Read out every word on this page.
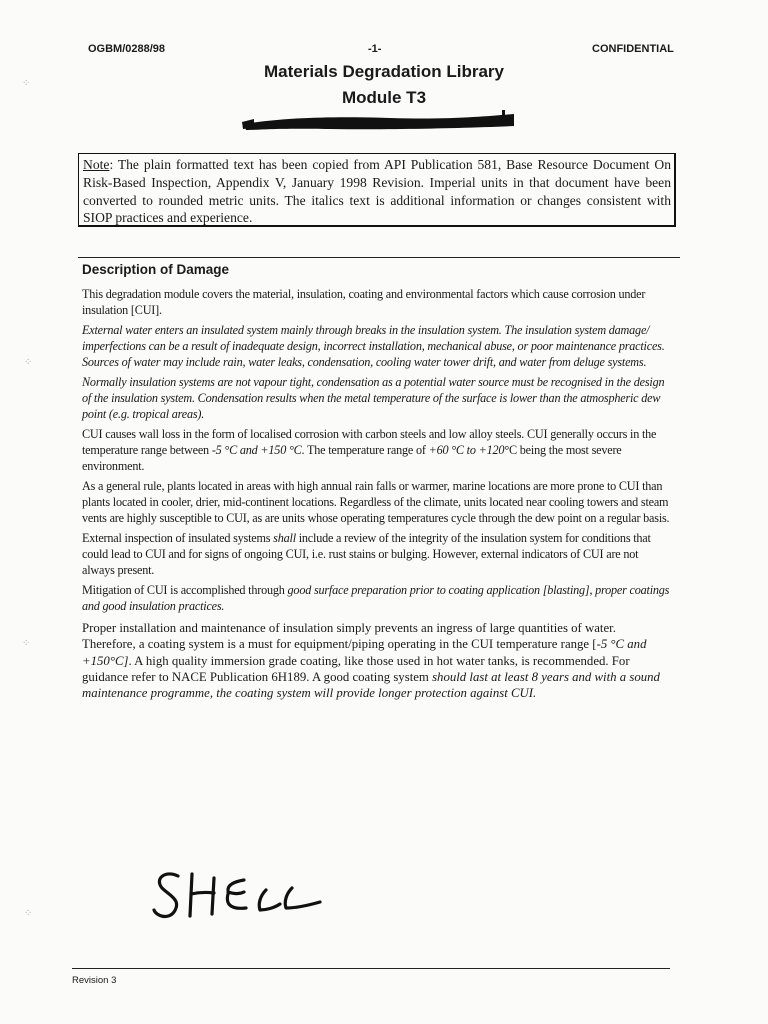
⁘
⁘
⁘
⁘
OGBM/0288/98	-1-	CONFIDENTIAL
Materials Degradation Library
Module T3
Note: The plain formatted text has been copied from API Publication 581, Base Resource Document On Risk-Based Inspection, Appendix V, January 1998 Revision. Imperial units in that document have been converted to rounded metric units. The italics text is additional information or changes consistent with SIOP practices and experience.
Description of Damage

This degradation module covers the material, insulation, coating and environmental factors which cause corrosion under insulation [CUI].

External water enters an insulated system mainly through breaks in the insulation system. The insulation system damage/ imperfections can be a result of inadequate design, incorrect installation, mechanical abuse, or poor maintenance practices. Sources of water may include rain, water leaks, condensation, cooling water tower drift, and water from deluge systems.

Normally insulation systems are not vapour tight, condensation as a potential water source must be recognised in the design of the insulation system. Condensation results when the metal temperature of the surface is lower than the atmospheric dew point (e.g. tropical areas).

CUI causes wall loss in the form of localised corrosion with carbon steels and low alloy steels. CUI generally occurs in the temperature range between -5 °C and +150 °C. The temperature range of +60 °C to +120°C being the most severe environment.

As a general rule, plants located in areas with high annual rain falls or warmer, marine locations are more prone to CUI than plants located in cooler, drier, mid-continent locations. Regardless of the climate, units located near cooling towers and steam vents are highly susceptible to CUI, as are units whose operating temperatures cycle through the dew point on a regular basis.

External inspection of insulated systems shall include a review of the integrity of the insulation system for conditions that could lead to CUI and for signs of ongoing CUI, i.e. rust stains or bulging. However, external indicators of CUI are not always present.

Mitigation of CUI is accomplished through good surface preparation prior to coating application [blasting], proper coatings and good insulation practices.

Proper installation and maintenance of insulation simply prevents an ingress of large quantities of water. Therefore, a coating system is a must for equipment/piping operating in the CUI temperature range [-5 °C and +150°C]. A high quality immersion grade coating, like those used in hot water tanks, is recommended. For guidance refer to NACE Publication 6H189. A good coating system should last at least 8 years and with a sound maintenance programme, the coating system will provide longer protection against CUI.

SHELL
Revision 3
